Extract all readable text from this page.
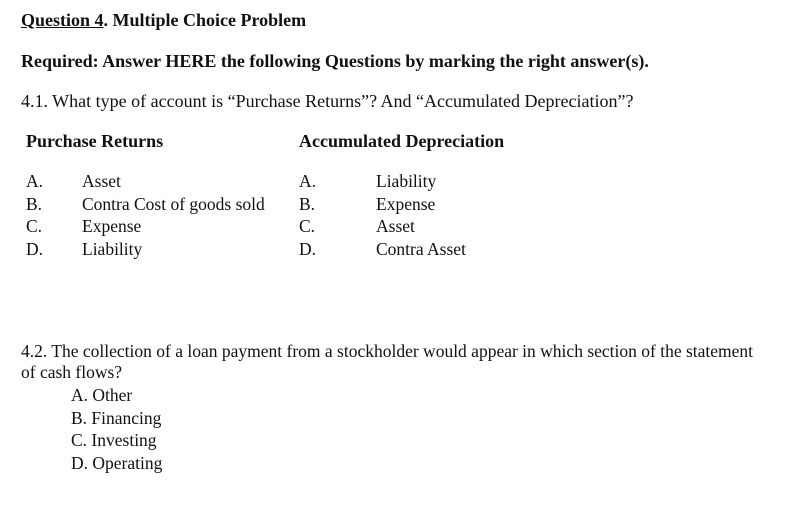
Question 4. Multiple Choice Problem
Required: Answer HERE the following Questions by marking the right answer(s).
4.1. What type of account is “Purchase Returns”? And “Accumulated Depreciation”?
Purchase Returns	Accumulated Depreciation
A.
B.
C.
D.
Asset
Contra Cost of goods sold
Expense
Liability
A.
B.
C.
D.
Liability
Expense
Asset
Contra Asset
4.2. The collection of a loan payment from a stockholder would appear in which section of the statement of cash flows?
A. Other
B. Financing
C. Investing
D. Operating
